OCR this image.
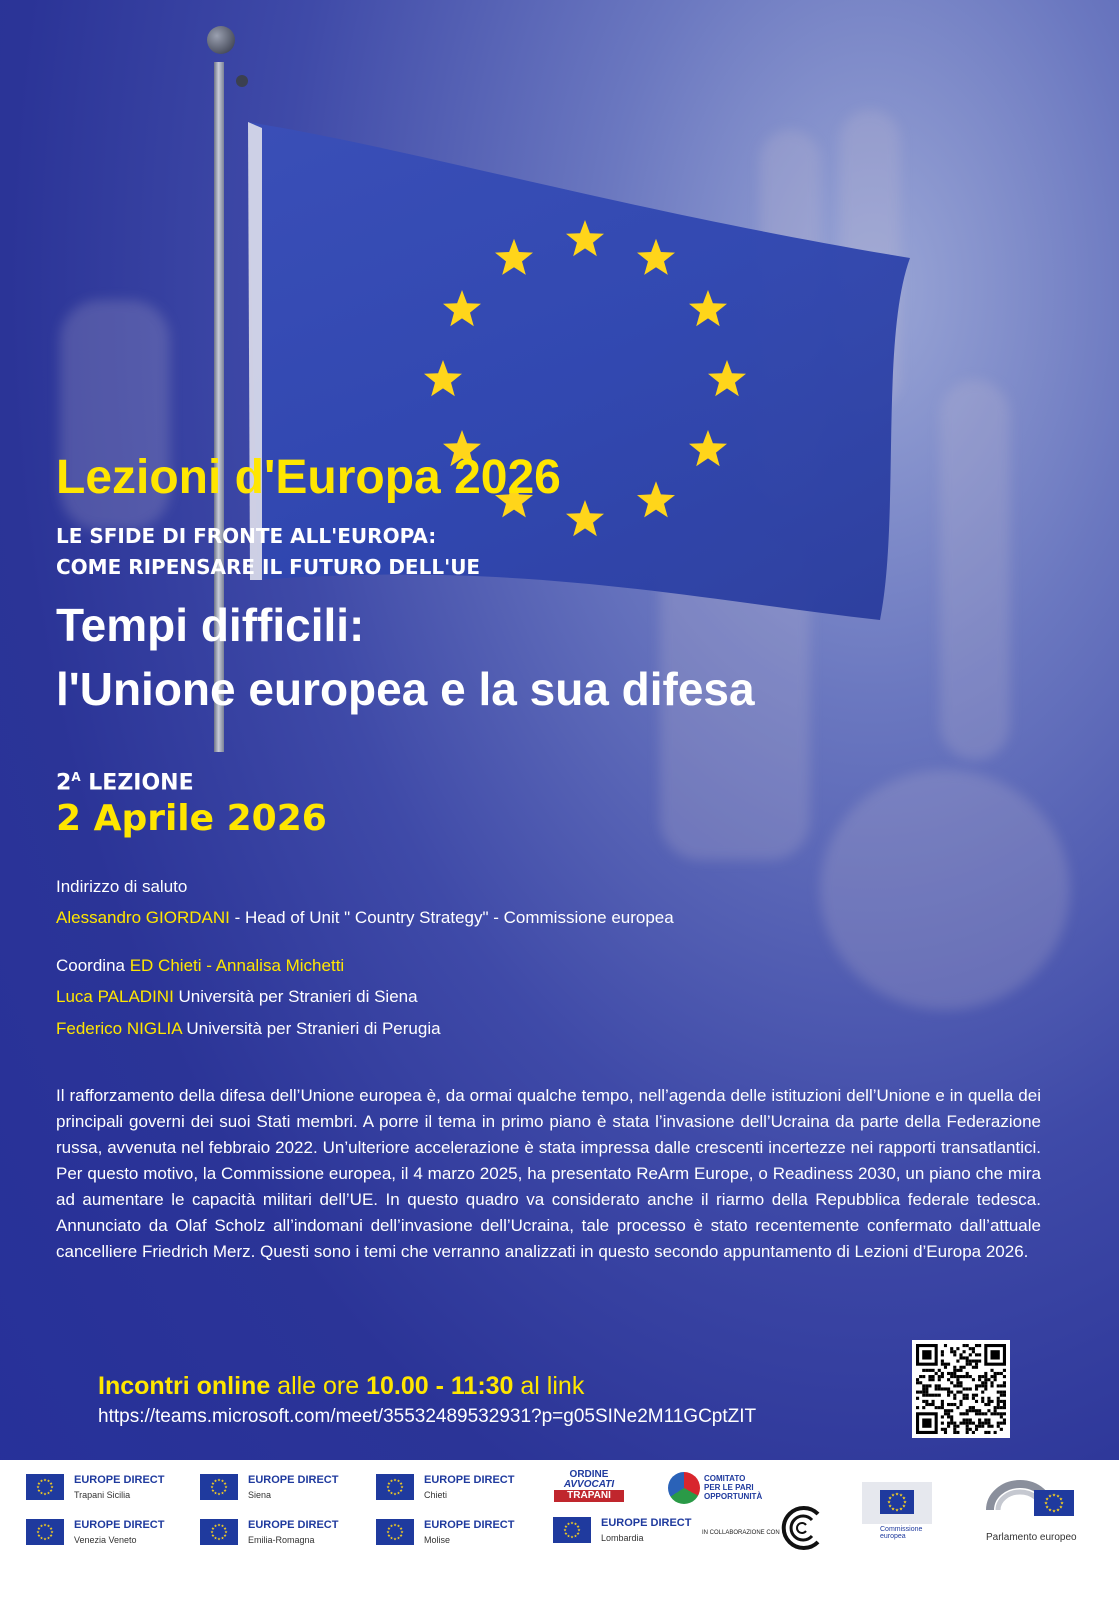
Lezioni d'Europa 2026
LE SFIDE DI FRONTE ALL'EUROPA:
COME RIPENSARE IL FUTURO DELL'UE
Tempi difficili:
l'Unione europea e la sua difesa
$2^A$ LEZIONE
2 Aprile 2026
Indirizzo di saluto
Alessandro GIORDANI - Head of Unit " Country Strategy" - Commissione europea
Coordina ED Chieti - Annalisa Michetti
Luca PALADINI Università per Stranieri di Siena
Federico NIGLIA Università per Stranieri di Perugia
Il rafforzamento della difesa dell’Unione europea è, da ormai qualche tempo, nell’agenda delle istituzioni dell’Unione e in quella dei principali governi dei suoi Stati membri. A porre il tema in primo piano è stata l’invasione dell’Ucraina da parte della Federazione russa, avvenuta nel febbraio 2022. Un’ulteriore accelerazione è stata impressa dalle crescenti incertezze nei rapporti transatlantici. Per questo motivo, la Commissione europea, il 4 marzo 2025, ha presentato ReArm Europe, o Readiness 2030, un piano che mira ad aumentare le capacità militari dell’UE. In questo quadro va considerato anche il riarmo della Repubblica federale tedesca. Annunciato da Olaf Scholz all’indomani dell’invasione dell’Ucraina, tale processo è stato recentemente confermato dall’attuale cancelliere Friedrich Merz. Questi sono i temi che verranno analizzati in questo secondo appuntamento di Lezioni d’Europa 2026.
Incontri online alle ore 10.00 - 11:30 al link
https://teams.microsoft.com/meet/35532489532931?p=g05SINe2M11GCptZIT
EUROPE DIRECT
Trapani Sicilia
EUROPE DIRECT
Siena
EUROPE DIRECT
Chieti
EUROPE DIRECT
Venezia Veneto
EUROPE DIRECT
Emilia-Romagna
EUROPE DIRECT
Molise
EUROPE DIRECT
Lombardia
ORDINE
AVVOCATI
TRAPANI
COMITATO
PER LE PARI
OPPORTUNITÀ
IN COLLABORAZIONE CON	Commissione europea	Parlamento europeo
